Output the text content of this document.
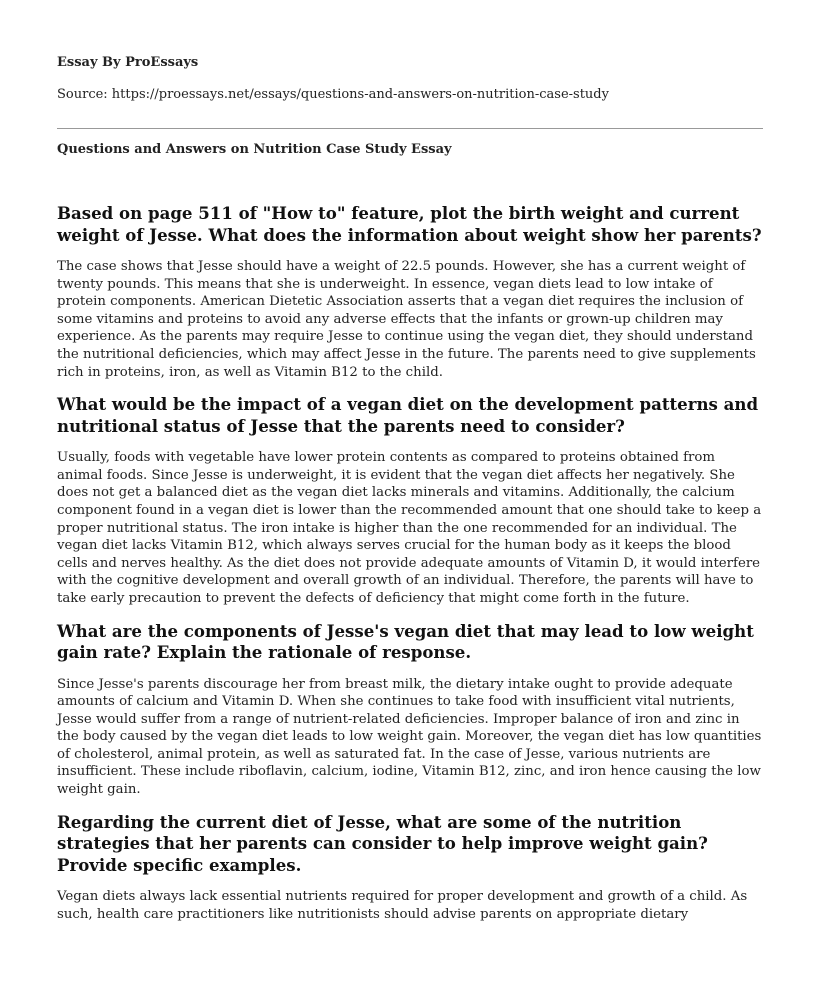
Essay By ProEssays
Source: https://proessays.net/essays/questions-and-answers-on-nutrition-case-study
Questions and Answers on Nutrition Case Study Essay
Based on page 511 of "How to" feature, plot the birth weight and current weight of Jesse. What does the information about weight show her parents?

The case shows that Jesse should have a weight of 22.5 pounds. However, she has a current weight of twenty pounds. This means that she is underweight. In essence, vegan diets lead to low intake of protein components. American Dietetic Association asserts that a vegan diet requires the inclusion of some vitamins and proteins to avoid any adverse effects that the infants or grown-up children may experience. As the parents may require Jesse to continue using the vegan diet, they should understand the nutritional deficiencies, which may affect Jesse in the future. The parents need to give supplements rich in proteins, iron, as well as Vitamin B12 to the child.

What would be the impact of a vegan diet on the development patterns and nutritional status of Jesse that the parents need to consider?

Usually, foods with vegetable have lower protein contents as compared to proteins obtained from animal foods. Since Jesse is underweight, it is evident that the vegan diet affects her negatively. She does not get a balanced diet as the vegan diet lacks minerals and vitamins. Additionally, the calcium component found in a vegan diet is lower than the recommended amount that one should take to keep a proper nutritional status. The iron intake is higher than the one recommended for an individual. The vegan diet lacks Vitamin B12, which always serves crucial for the human body as it keeps the blood cells and nerves healthy. As the diet does not provide adequate amounts of Vitamin D, it would interfere with the cognitive development and overall growth of an individual. Therefore, the parents will have to take early precaution to prevent the defects of deficiency that might come forth in the future.

What are the components of Jesse's vegan diet that may lead to low weight gain rate? Explain the rationale of response.

Since Jesse's parents discourage her from breast milk, the dietary intake ought to provide adequate amounts of calcium and Vitamin D. When she continues to take food with insufficient vital nutrients, Jesse would suffer from a range of nutrient-related deficiencies. Improper balance of iron and zinc in the body caused by the vegan diet leads to low weight gain. Moreover, the vegan diet has low quantities of cholesterol, animal protein, as well as saturated fat. In the case of Jesse, various nutrients are insufficient. These include riboflavin, calcium, iodine, Vitamin B12, zinc, and iron hence causing the low weight gain.

Regarding the current diet of Jesse, what are some of the nutrition strategies that her parents can consider to help improve weight gain? Provide specific examples.

Vegan diets always lack essential nutrients required for proper development and growth of a child. As such, health care practitioners like nutritionists should advise parents on appropriate dietary
